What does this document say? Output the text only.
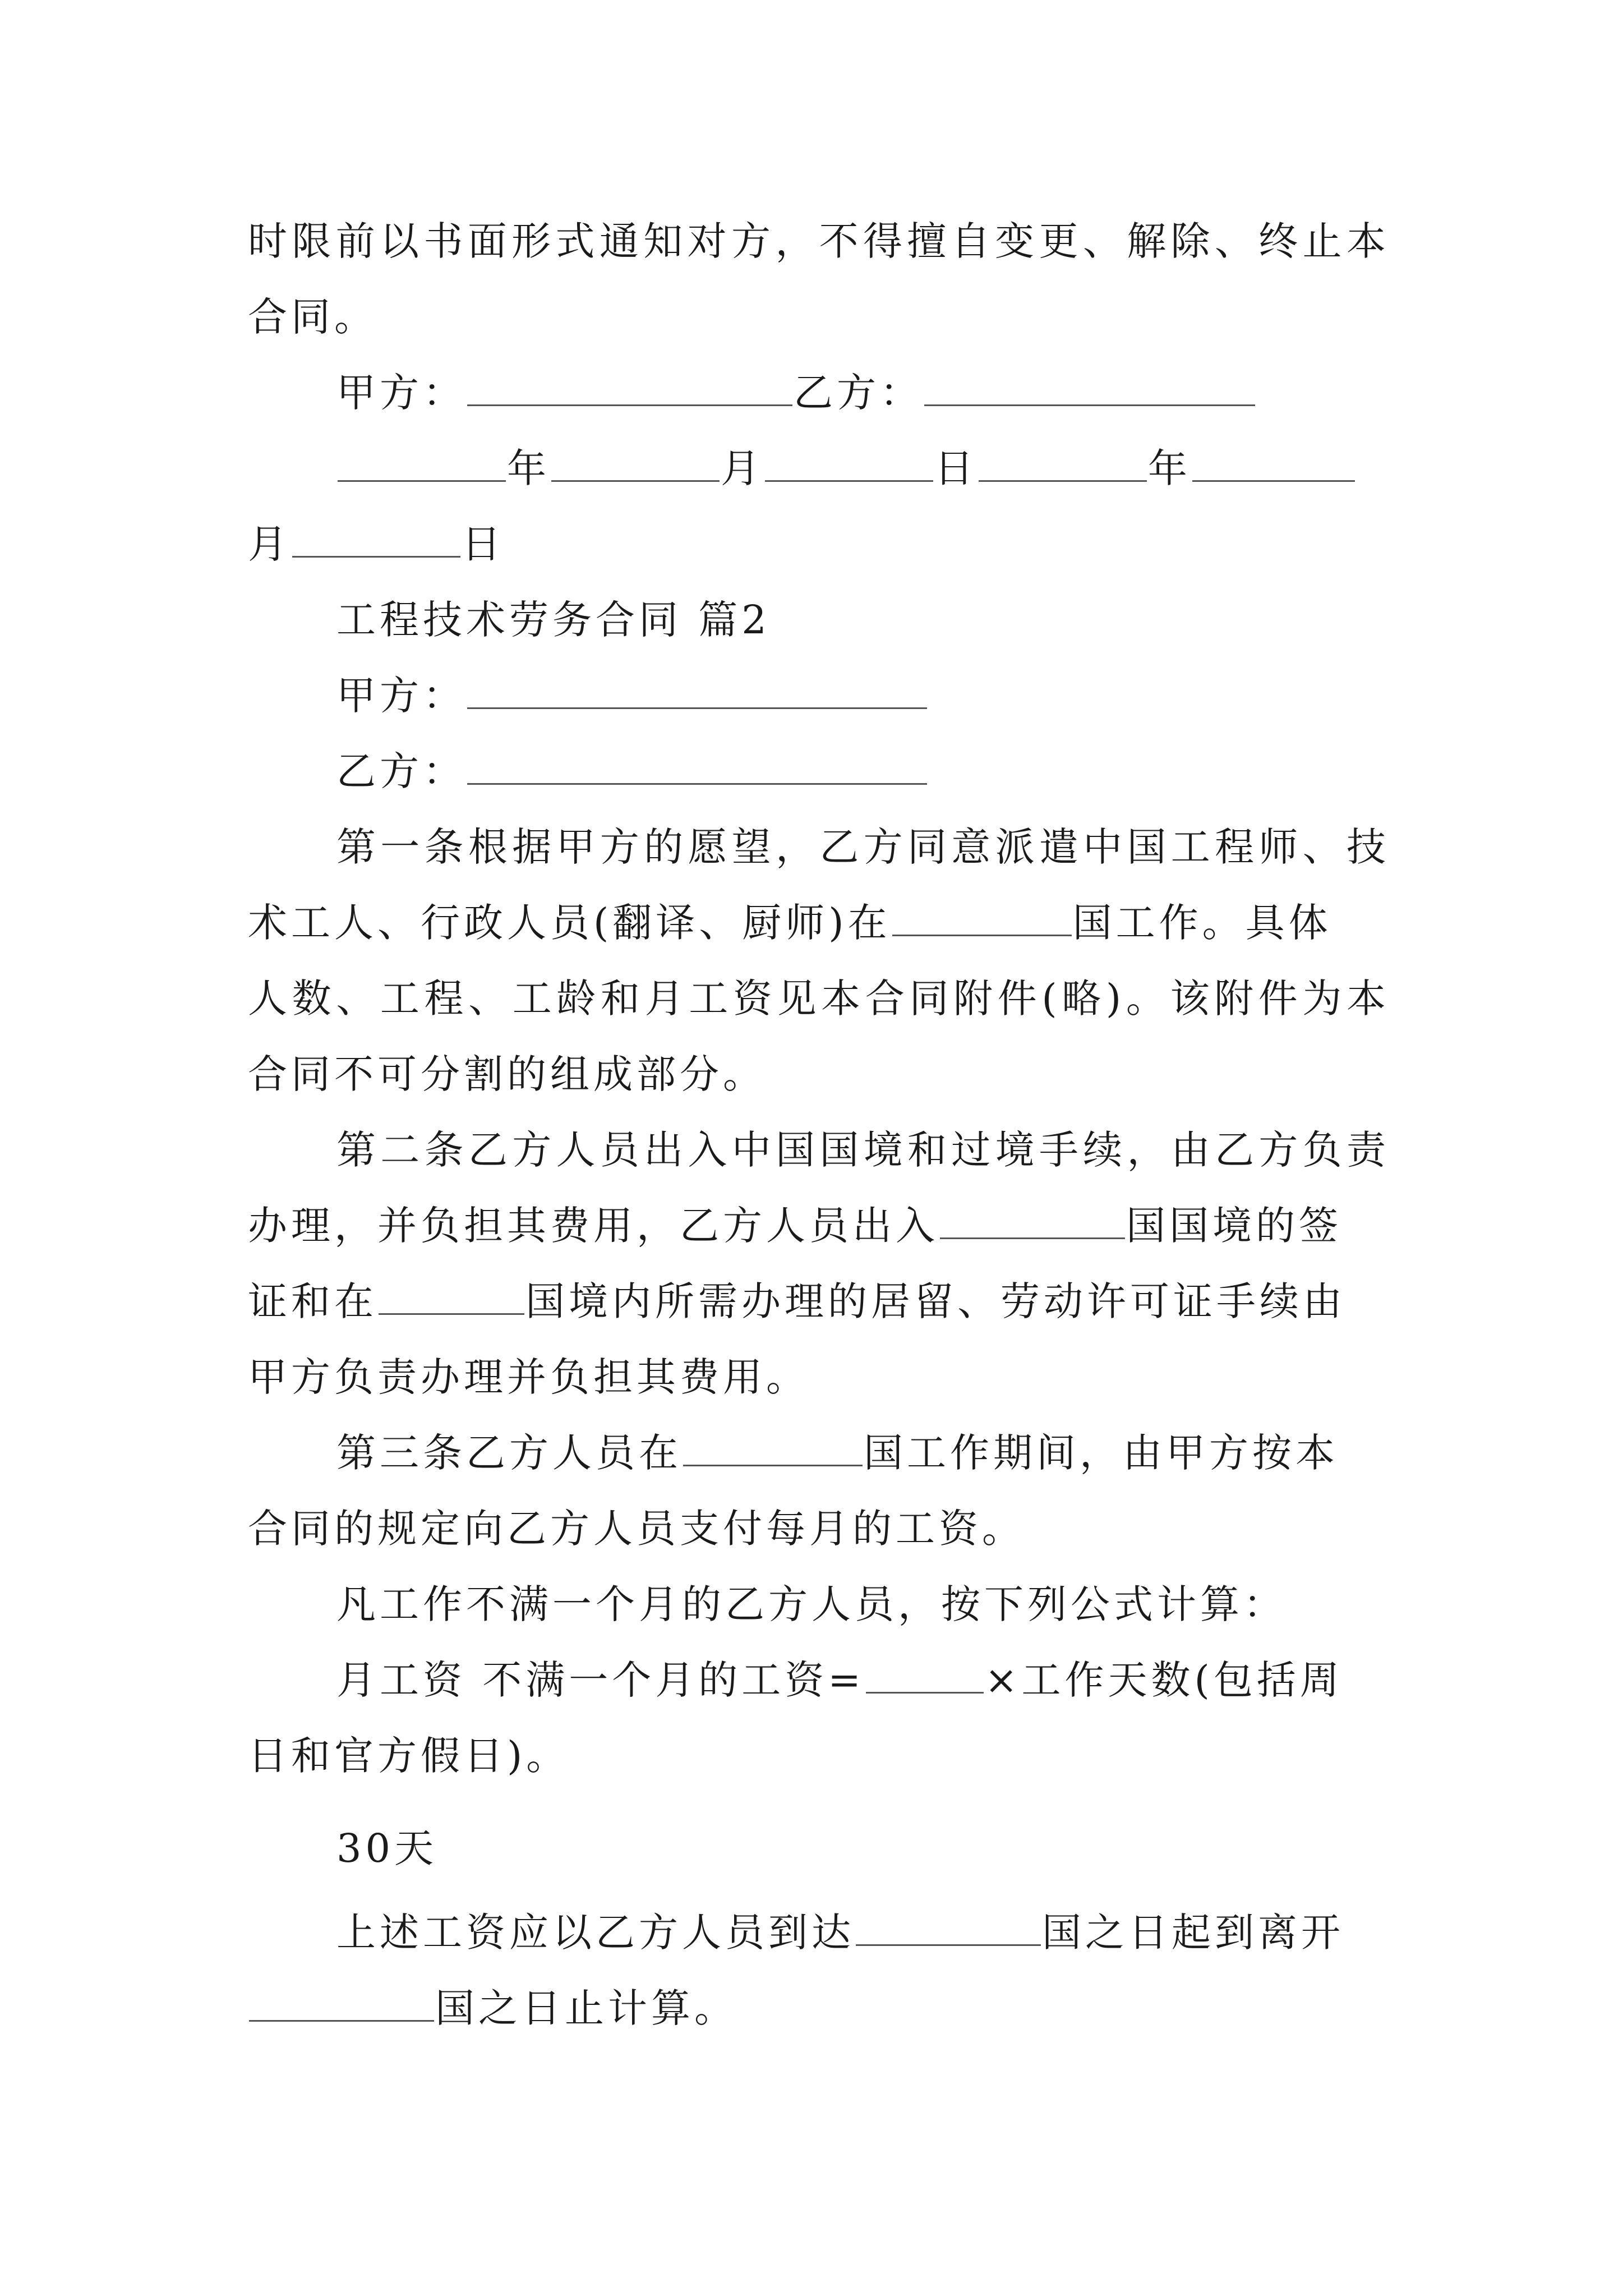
时限前以书面形式通知对方，不得擅自变更、解除、终止本
合同。
甲方：	乙方：
年	月	日	年
月	日
工程技术劳务合同 篇2
甲方：
乙方：
第一条根据甲方的愿望，乙方同意派遣中国工程师、技
术工人、行政人员(翻译、厨师)在	国工作。具体
人数、工程、工龄和月工资见本合同附件(略)。该附件为本
合同不可分割的组成部分。
第二条乙方人员出入中国国境和过境手续，由乙方负责
办理，并负担其费用，乙方人员出入	国国境的签
证和在	国境内所需办理的居留、劳动许可证手续由
甲方负责办理并负担其费用。
第三条乙方人员在	国工作期间，由甲方按本
合同的规定向乙方人员支付每月的工资。
凡工作不满一个月的乙方人员，按下列公式计算：
月工资 不满一个月的工资=	×工作天数(包括周
日和官方假日)。
30天
上述工资应以乙方人员到达	国之日起到离开
国之日止计算。
